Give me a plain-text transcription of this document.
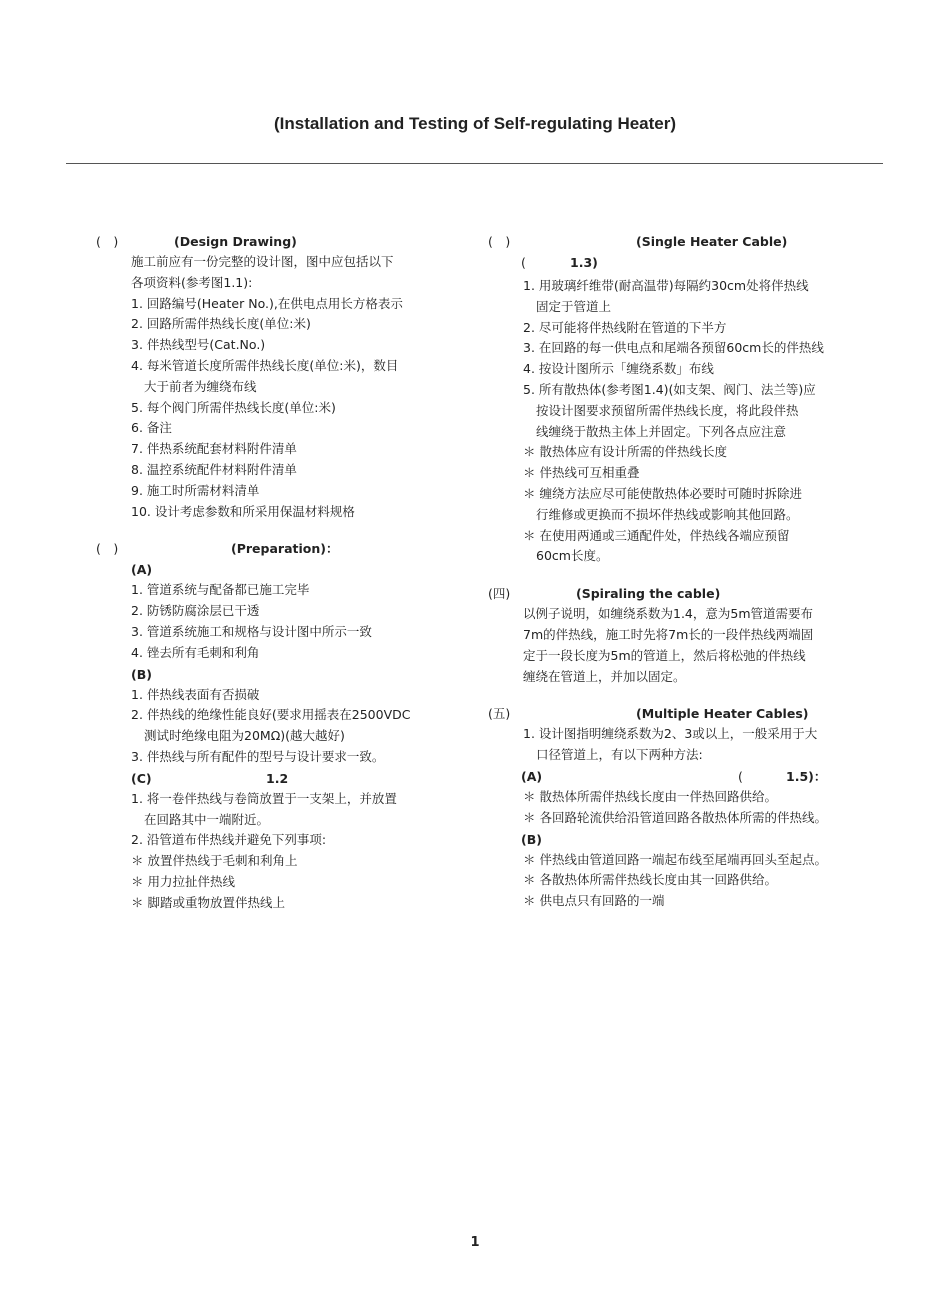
(Installation and Testing of Self-regulating Heater)
(　)	(Design Drawing)
施工前应有一份完整的设计图，图中应包括以下
各项资料(参考图1.1):
1. 回路编号(Heater No.),在供电点用长方格表示
2. 回路所需伴热线长度(单位:米)
3. 伴热线型号(Cat.No.)
4. 每米管道长度所需伴热线长度(单位:米)，数目
大于前者为缠绕布线
5. 每个阀门所需伴热线长度(单位:米)
6. 备注
7. 伴热系统配套材料附件清单
8. 温控系统配件材料附件清单
9. 施工时所需材料清单
10. 设计考虑参数和所采用保温材料规格
(　)	(Preparation)：
(A)
1. 管道系统与配备都已施工完毕
2. 防锈防腐涂层已干透
3. 管道系统施工和规格与设计图中所示一致
4. 锉去所有毛刺和利角
(B)
1. 伴热线表面有否损破
2. 伴热线的绝缘性能良好(要求用摇表在2500VDC
测试时绝缘电阻为20MΩ)(越大越好)
3. 伴热线与所有配件的型号与设计要求一致。
(C)	1.2
1. 将一卷伴热线与卷筒放置于一支架上，并放置
在回路其中一端附近。
2. 沿管道布伴热线并避免下列事项:
＊ 放置伴热线于毛刺和利角上
＊ 用力拉扯伴热线
＊ 脚踏或重物放置伴热线上
(　)	(Single Heater Cable)
(	1.3)
1. 用玻璃纤维带(耐高温带)每隔约30cm处将伴热线
固定于管道上
2. 尽可能将伴热线附在管道的下半方
3. 在回路的每一供电点和尾端各预留60cm长的伴热线
4. 按设计图所示「缠绕系数」布线
5. 所有散热体(参考图1.4)(如支架、阀门、法兰等)应
按设计图要求预留所需伴热线长度，将此段伴热
线缠绕于散热主体上并固定。下列各点应注意
＊ 散热体应有设计所需的伴热线长度
＊ 伴热线可互相重叠
＊ 缠绕方法应尽可能使散热体必要时可随时拆除进
行维修或更换而不损坏伴热线或影响其他回路。
＊ 在使用两通或三通配件处，伴热线各端应预留
60cm长度。
(四)	(Spiraling the cable)
以例子说明，如缠绕系数为1.4，意为5m管道需要布
7m的伴热线，施工时先将7m长的一段伴热线两端固
定于一段长度为5m的管道上，然后将松弛的伴热线
缠绕在管道上，并加以固定。
(五)	(Multiple Heater Cables)
1. 设计图指明缠绕系数为2、3或以上，一般采用于大
口径管道上，有以下两种方法:
(A)	(	1.5)：
＊ 散热体所需伴热线长度由一伴热回路供给。
＊ 各回路轮流供给沿管道回路各散热体所需的伴热线。
(B)
＊ 伴热线由管道回路一端起布线至尾端再回头至起点。
＊ 各散热体所需伴热线长度由其一回路供给。
＊ 供电点只有回路的一端
1
